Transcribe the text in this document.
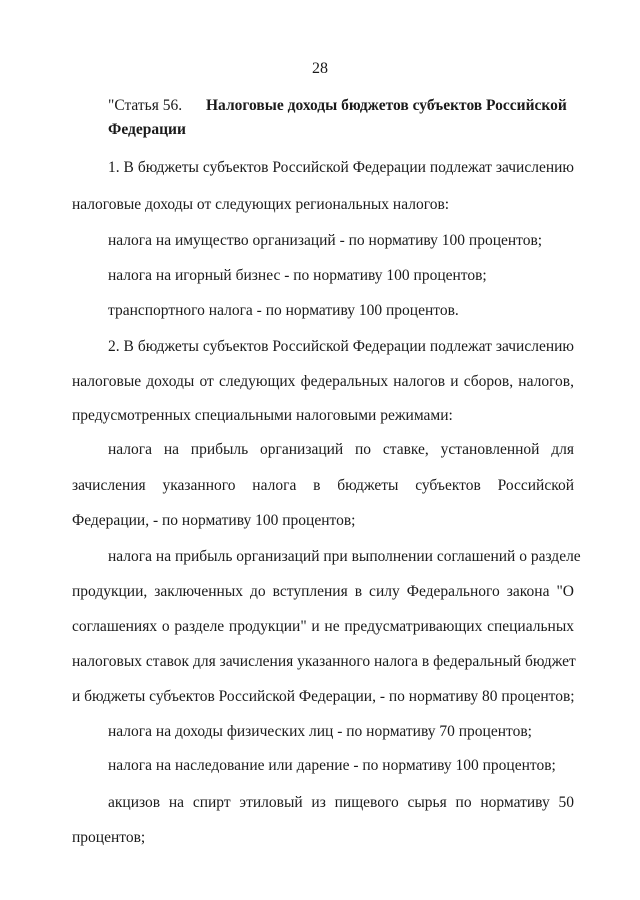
28
"Статья 56. Налоговые доходы бюджетов субъектов Российской
Федерации
1. В бюджеты субъектов Российской Федерации подлежат зачислению
налоговые доходы от следующих региональных налогов:
налога на имущество организаций - по нормативу 100 процентов;
налога на игорный бизнес - по нормативу 100 процентов;
транспортного налога - по нормативу 100 процентов.
2. В бюджеты субъектов Российской Федерации подлежат зачислению
налоговые доходы от следующих федеральных налогов и сборов, налогов,
предусмотренных специальными налоговыми режимами:
налога на прибыль организаций по ставке, установленной для
зачисления указанного налога в бюджеты субъектов Российской
Федерации, - по нормативу 100 процентов;
налога на прибыль организаций при выполнении соглашений о разделе
продукции, заключенных до вступления в силу Федерального закона "О
соглашениях о разделе продукции" и не предусматривающих специальных
налоговых ставок для зачисления указанного налога в федеральный бюджет
и бюджеты субъектов Российской Федерации, - по нормативу 80 процентов;
налога на доходы физических лиц - по нормативу 70 процентов;
налога на наследование или дарение - по нормативу 100 процентов;
акцизов на спирт этиловый из пищевого сырья по нормативу 50
процентов;
